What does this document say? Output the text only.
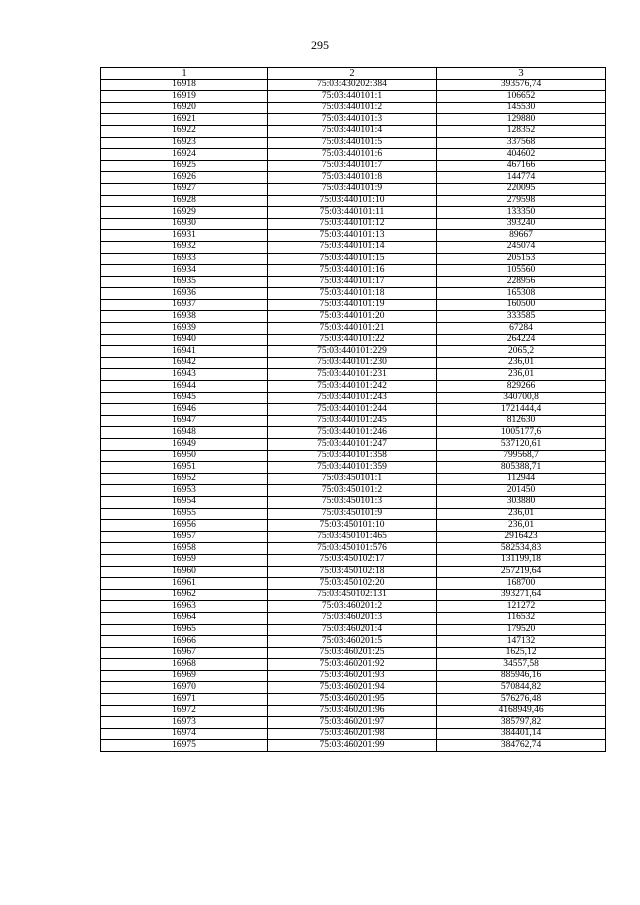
295
1	2	3
16918	75:03:430202:384	393576,74
16919	75:03:440101:1	106652
16920	75:03:440101:2	145530
16921	75:03:440101:3	129880
16922	75:03:440101:4	128352
16923	75:03:440101:5	337568
16924	75:03:440101:6	404602
16925	75:03:440101:7	467166
16926	75:03:440101:8	144774
16927	75:03:440101:9	220095
16928	75:03:440101:10	279598
16929	75:03:440101:11	133350
16930	75:03:440101:12	393240
16931	75:03:440101:13	89667
16932	75:03:440101:14	245074
16933	75:03:440101:15	205153
16934	75:03:440101:16	105560
16935	75:03:440101:17	228956
16936	75:03:440101:18	165308
16937	75:03:440101:19	160500
16938	75:03:440101:20	333585
16939	75:03:440101:21	67284
16940	75:03:440101:22	264224
16941	75:03:440101:229	2065,2
16942	75:03:440101:230	236,01
16943	75:03:440101:231	236,01
16944	75:03:440101:242	829266
16945	75:03:440101:243	340700,8
16946	75:03:440101:244	1721444,4
16947	75:03:440101:245	812630
16948	75:03:440101:246	1005177,6
16949	75:03:440101:247	537120,61
16950	75:03:440101:358	799568,7
16951	75:03:440101:359	805388,71
16952	75:03:450101:1	112944
16953	75:03:450101:2	201450
16954	75:03:450101:3	303880
16955	75:03:450101:9	236,01
16956	75:03:450101:10	236,01
16957	75:03:450101:465	2916423
16958	75:03:450101:576	582534,83
16959	75:03:450102:17	131199,18
16960	75:03:450102:18	257219,64
16961	75:03:450102:20	168700
16962	75:03:450102:131	393271,64
16963	75:03:460201:2	121272
16964	75:03:460201:3	116532
16965	75:03:460201:4	179520
16966	75:03:460201:5	147132
16967	75:03:460201:25	1625,12
16968	75:03:460201:92	34557,58
16969	75:03:460201:93	885946,16
16970	75:03:460201:94	570844,82
16971	75:03:460201:95	576276,48
16972	75:03:460201:96	4168949,46
16973	75:03:460201:97	385797,82
16974	75:03:460201:98	384401,14
16975	75:03:460201:99	384762,74
